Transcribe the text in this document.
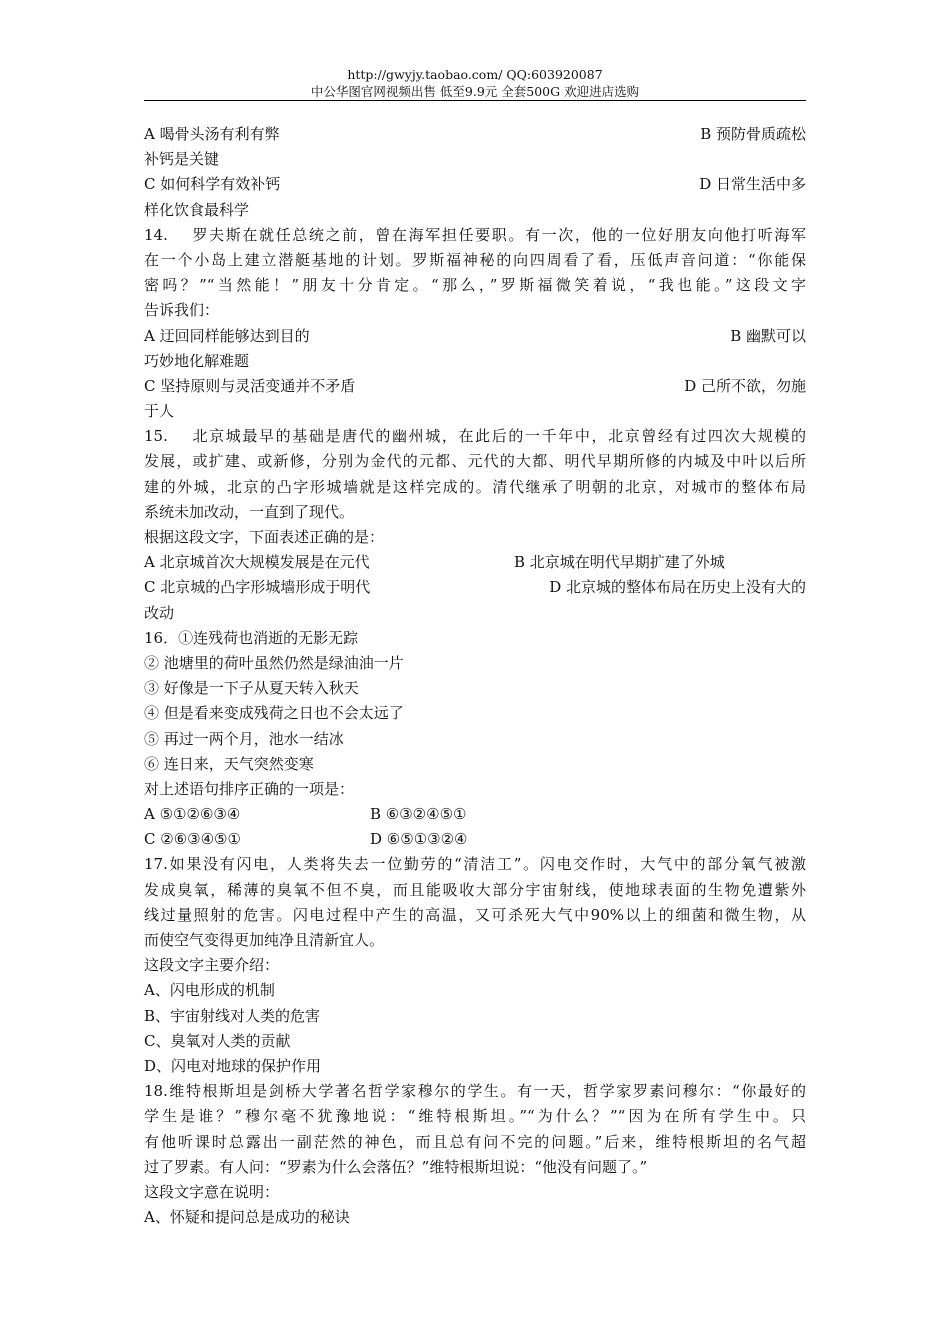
http://gwyjy.taobao.com/ QQ:603920087
中公华图官网视频出售 低至9.9元 全套500G 欢迎进店选购
A 喝骨头汤有利有弊	B 预防骨质疏松
补钙是关键
C 如何科学有效补钙	D 日常生活中多
样化饮食最科学
14.　 罗夫斯在就任总统之前，曾在海军担任要职。有一次，他的一位好朋友向他打听海军
在一个小岛上建立潜艇基地的计划。罗斯福神秘的向四周看了看，压低声音问道：“你能保
密吗？”“当然能！”朋友十分肯定。“那么，”罗斯福微笑着说，“我也能。”这段文字
告诉我们：
A 迂回同样能够达到目的	B 幽默可以
巧妙地化解难题
C 坚持原则与灵活变通并不矛盾	D 己所不欲，勿施
于人
15.　 北京城最早的基础是唐代的幽州城，在此后的一千年中，北京曾经有过四次大规模的
发展，或扩建、或新修，分别为金代的元都、元代的大都、明代早期所修的内城及中叶以后所
建的外城，北京的凸字形城墙就是这样完成的。清代继承了明朝的北京，对城市的整体布局
系统未加改动，一直到了现代。
根据这段文字，下面表述正确的是：
A 北京城首次大规模发展是在元代	B 北京城在明代早期扩建了外城
C 北京城的凸字形城墙形成于明代	D 北京城的整体布局在历史上没有大的
改动
16．①连残荷也消逝的无影无踪
② 池塘里的荷叶虽然仍然是绿油油一片
③ 好像是一下子从夏天转入秋天
④ 但是看来变成残荷之日也不会太远了
⑤ 再过一两个月，池水一结冰
⑥ 连日来，天气突然变寒
对上述语句排序正确的一项是：
A ⑤①②⑥③④	B ⑥③②④⑤①
C ②⑥③④⑤①	D ⑥⑤①③②④
17.如果没有闪电，人类将失去一位勤劳的“清洁工”。闪电交作时，大气中的部分氧气被激
发成臭氧，稀薄的臭氧不但不臭，而且能吸收大部分宇宙射线，使地球表面的生物免遭紫外
线过量照射的危害。闪电过程中产生的高温，又可杀死大气中90%以上的细菌和微生物，从
而使空气变得更加纯净且清新宜人。
这段文字主要介绍：
A、闪电形成的机制
B、宇宙射线对人类的危害
C、臭氧对人类的贡献
D、闪电对地球的保护作用
18.维特根斯坦是剑桥大学著名哲学家穆尔的学生。有一天，哲学家罗素问穆尔：“你最好的
学生是谁？”穆尔毫不犹豫地说：“维特根斯坦。”“为什么？”“因为在所有学生中。只
有他听课时总露出一副茫然的神色，而且总有问不完的问题。”后来，维特根斯坦的名气超
过了罗素。有人问：“罗素为什么会落伍？”维特根斯坦说：“他没有问题了。”
这段文字意在说明：
A、怀疑和提问总是成功的秘诀
